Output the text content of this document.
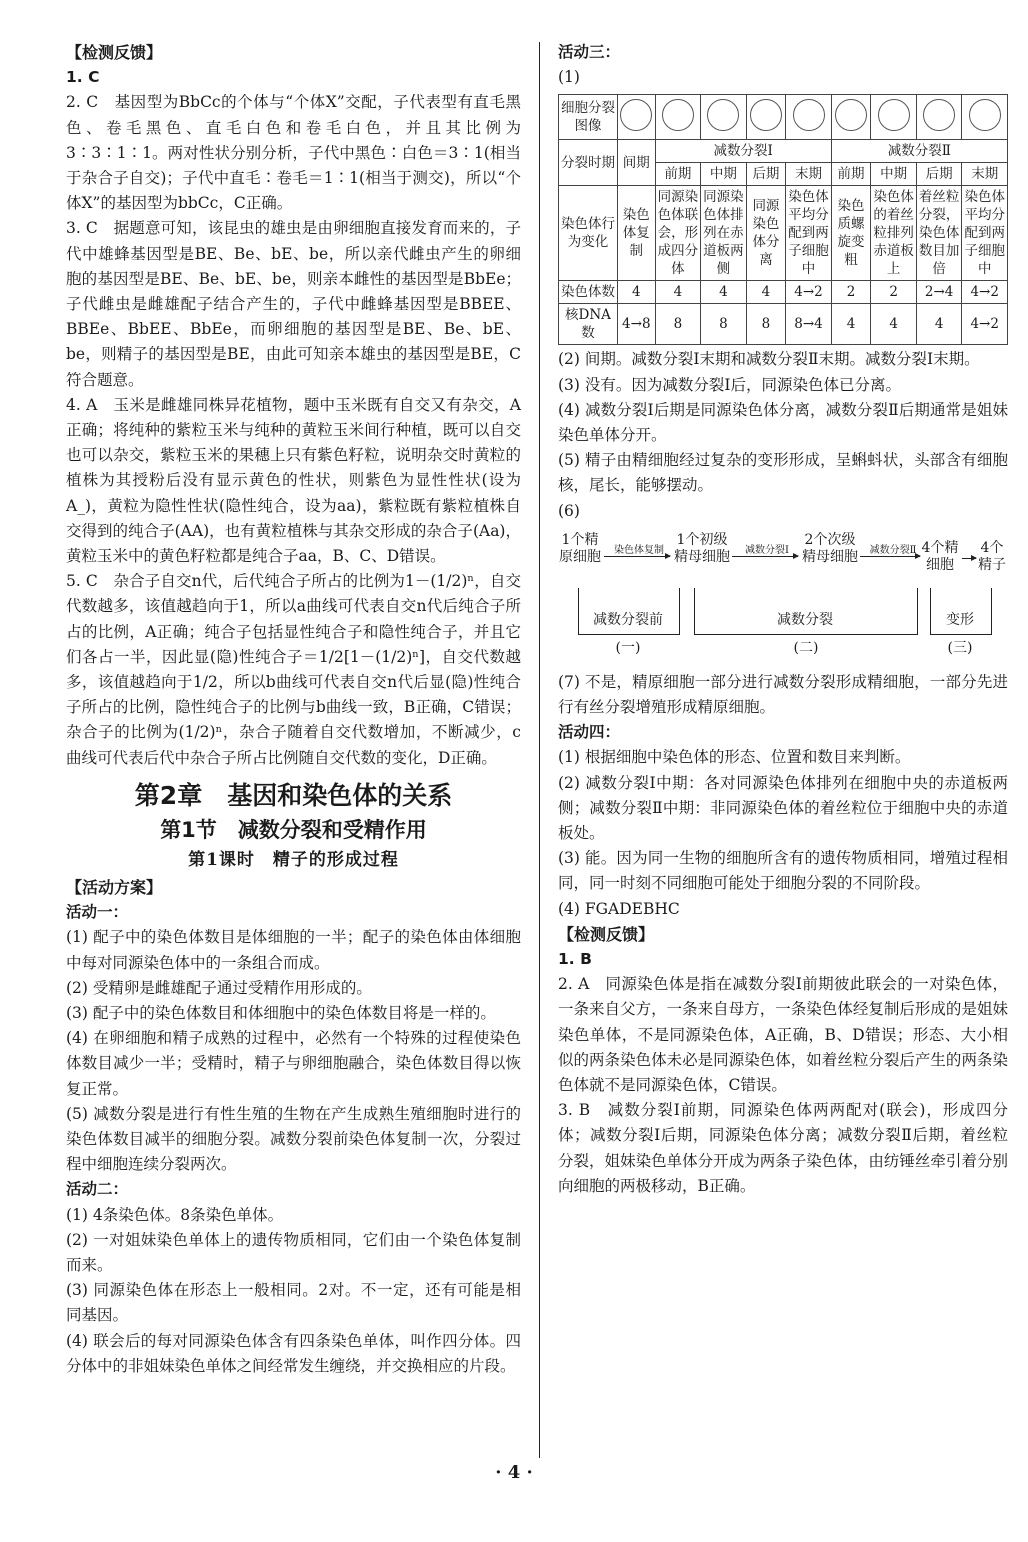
【检测反馈】

1. C

2. C　基因型为BbCc的个体与“个体X”交配，子代表型有直毛黑色、卷毛黑色、直毛白色和卷毛白色，并且其比例为3∶3∶1∶1。两对性状分别分析，子代中黑色∶白色＝3∶1(相当于杂合子自交)；子代中直毛∶卷毛＝1∶1(相当于测交)，所以“个体X”的基因型为bbCc，C正确。

3. C　据题意可知，该昆虫的雄虫是由卵细胞直接发育而来的，子代中雄蜂基因型是BE、Be、bE、be，所以亲代雌虫产生的卵细胞的基因型是BE、Be、bE、be，则亲本雌性的基因型是BbEe；子代雌虫是雌雄配子结合产生的，子代中雌蜂基因型是BBEE、BBEe、BbEE、BbEe，而卵细胞的基因型是BE、Be、bE、be，则精子的基因型是BE，由此可知亲本雄虫的基因型是BE，C符合题意。

4. A　玉米是雌雄同株异花植物，题中玉米既有自交又有杂交，A正确；将纯种的紫粒玉米与纯种的黄粒玉米间行种植，既可以自交也可以杂交，紫粒玉米的果穗上只有紫色籽粒，说明杂交时黄粒的植株为其授粉后没有显示黄色的性状，则紫色为显性性状(设为A_)，黄粒为隐性性状(隐性纯合，设为aa)，紫粒既有紫粒植株自交得到的纯合子(AA)，也有黄粒植株与其杂交形成的杂合子(Aa)，黄粒玉米中的黄色籽粒都是纯合子aa，B、C、D错误。

5. C　杂合子自交n代，后代纯合子所占的比例为1－(1/2)ⁿ，自交代数越多，该值越趋向于1，所以a曲线可代表自交n代后纯合子所占的比例，A正确；纯合子包括显性纯合子和隐性纯合子，并且它们各占一半，因此显(隐)性纯合子＝1/2[1－(1/2)ⁿ]，自交代数越多，该值越趋向于1/2，所以b曲线可代表自交n代后显(隐)性纯合子所占的比例，隐性纯合子的比例与b曲线一致，B正确，C错误；杂合子的比例为(1/2)ⁿ，杂合子随着自交代数增加，不断减少，c曲线可代表后代中杂合子所占比例随自交代数的变化，D正确。

第2章　基因和染色体的关系
第1节　减数分裂和受精作用
第1课时　精子的形成过程

【活动方案】

活动一：

(1) 配子中的染色体数目是体细胞的一半；配子的染色体由体细胞中每对同源染色体中的一条组合而成。

(2) 受精卵是雌雄配子通过受精作用形成的。

(3) 配子中的染色体数目和体细胞中的染色体数目将是一样的。

(4) 在卵细胞和精子成熟的过程中，必然有一个特殊的过程使染色体数目减少一半；受精时，精子与卵细胞融合，染色体数目得以恢复正常。

(5) 减数分裂是进行有性生殖的生物在产生成熟生殖细胞时进行的染色体数目减半的细胞分裂。减数分裂前染色体复制一次，分裂过程中细胞连续分裂两次。

活动二：

(1) 4条染色体。8条染色单体。

(2) 一对姐妹染色单体上的遗传物质相同，它们由一个染色体复制而来。

(3) 同源染色体在形态上一般相同。2对。不一定，还有可能是相同基因。

(4) 联会后的每对同源染色体含有四条染色单体，叫作四分体。四分体中的非姐妹染色单体之间经常发生缠绕，并交换相应的片段。

活动三：

(1)

细胞分裂图像									
分裂时期	间期	减数分裂Ⅰ				减数分裂Ⅱ			
		前期	中期	后期	末期	前期	中期	后期	末期
染色体行为变化	染色体复制	同源染色体联会，形成四分体	同源染色体排列在赤道板两侧	同源染色体分离	染色体平均分配到两子细胞中	染色质螺旋变粗	染色体的着丝粒排列赤道板上	着丝粒分裂，染色体数目加倍	染色体平均分配到两子细胞中
染色体数	4	4	4	4	4→2	2	2	2→4	4→2
核DNA数	4→8	8	8	8	8→4	4	4	4	4→2

(2) 间期。减数分裂Ⅰ末期和减数分裂Ⅱ末期。减数分裂Ⅰ末期。

(3) 没有。因为减数分裂Ⅰ后，同源染色体已分离。

(4) 减数分裂Ⅰ后期是同源染色体分离，减数分裂Ⅱ后期通常是姐妹染色单体分开。

(5) 精子由精细胞经过复杂的变形形成，呈蝌蚪状，头部含有细胞核，尾长，能够摆动。

(6)

1个精原细胞	染色体复制
1个初级精母细胞	减数分裂Ⅰ
2个次级精母细胞	减数分裂Ⅱ 4个精细胞
4个精子
减数分裂前	减数分裂	变形
(一)	(二)	(三)

(7) 不是，精原细胞一部分进行减数分裂形成精细胞，一部分先进行有丝分裂增殖形成精原细胞。

活动四：

(1) 根据细胞中染色体的形态、位置和数目来判断。

(2) 减数分裂Ⅰ中期：各对同源染色体排列在细胞中央的赤道板两侧；减数分裂Ⅱ中期：非同源染色体的着丝粒位于细胞中央的赤道板处。

(3) 能。因为同一生物的细胞所含有的遗传物质相同，增殖过程相同，同一时刻不同细胞可能处于细胞分裂的不同阶段。

(4) FGADEBHC

【检测反馈】

1. B

2. A　同源染色体是指在减数分裂Ⅰ前期彼此联会的一对染色体，一条来自父方，一条来自母方，一条染色体经复制后形成的是姐妹染色单体，不是同源染色体，A正确，B、D错误；形态、大小相似的两条染色体未必是同源染色体，如着丝粒分裂后产生的两条染色体就不是同源染色体，C错误。

3. B　减数分裂Ⅰ前期，同源染色体两两配对(联会)，形成四分体；减数分裂Ⅰ后期，同源染色体分离；减数分裂Ⅱ后期，着丝粒分裂，姐妹染色单体分开成为两条子染色体，由纺锤丝牵引着分别向细胞的两极移动，B正确。

· 4 ·
